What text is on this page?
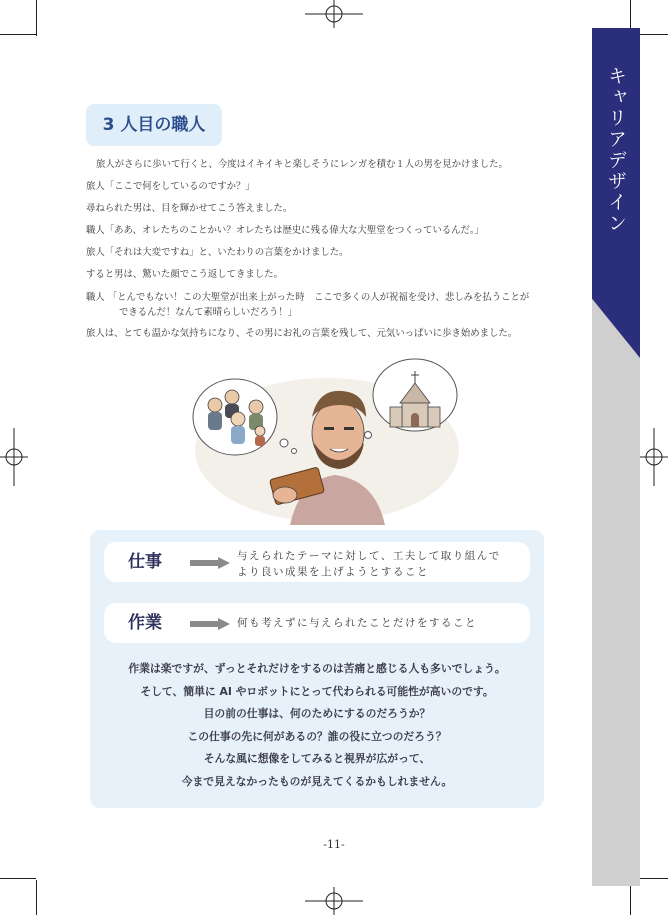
キャリアデザイン
3 人目の職人

旅人がさらに歩いて行くと、今度はイキイキと楽しそうにレンガを積む１人の男を見かけました。

旅人「ここで何をしているのですか？」

尋ねられた男は、目を輝かせてこう答えました。

職人「ああ、オレたちのことかい？オレたちは歴史に残る偉大な大聖堂をつくっているんだ。」

旅人「それは大変ですね」と、いたわりの言葉をかけました。

すると男は、驚いた顔でこう返してきました。

職人 「とんでもない！この大聖堂が出来上がった時　ここで多くの人が祝福を受け、悲しみを払うことが

できるんだ！なんて素晴らしいだろう！」

旅人は、とても温かな気持ちになり、その男にお礼の言葉を残して、元気いっぱいに歩き始めました。

仕事	与えられたテーマに対して、工夫して取り組んで
より良い成果を上げようとすること
作業	何も考えずに与えられたことだけをすること

作業は楽ですが、ずっとそれだけをするのは苦痛と感じる人も多いでしょう。

そして、簡単に AI やロボットにとって代わられる可能性が高いのです。

目の前の仕事は、何のためにするのだろうか？

この仕事の先に何があるの？誰の役に立つのだろう？

そんな風に想像をしてみると視界が広がって、

今まで見えなかったものが見えてくるかもしれません。

-11-
